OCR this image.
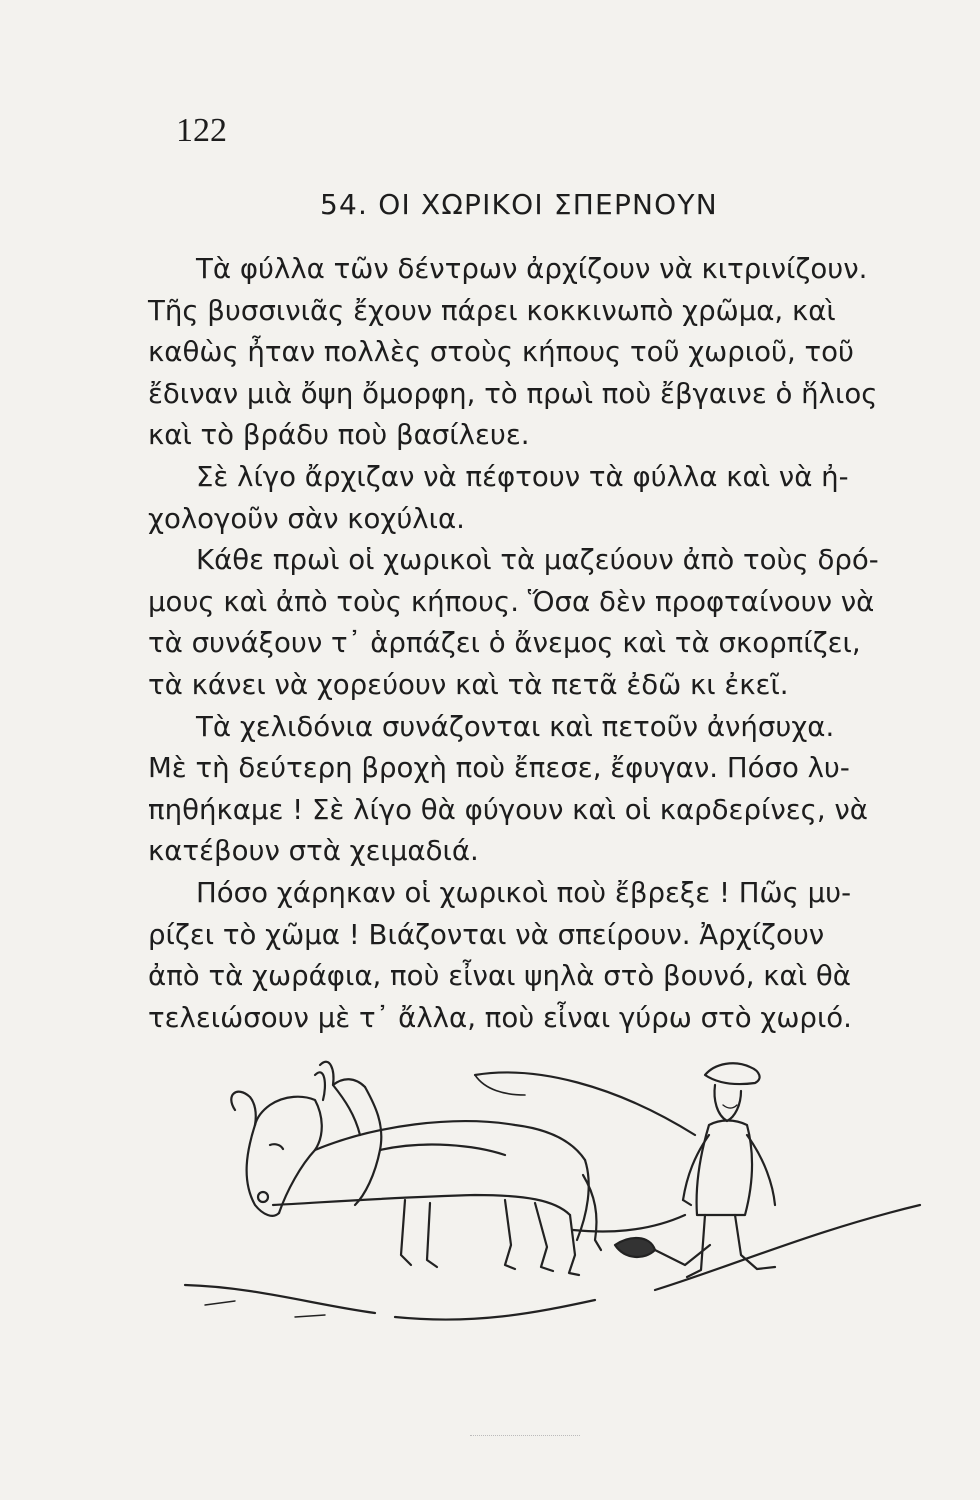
122
54. ΟΙ ΧΩΡΙΚΟΙ ΣΠΕΡΝΟΥΝ
Τὰ φύλλα τῶν δέντρων ἀρχίζουν νὰ κιτρινίζουν.
Τῆς βυσσινιᾶς ἔχουν πάρει κοκκινωπὸ χρῶμα, καὶ
καθὼς ἦταν πολλὲς στοὺς κήπους τοῦ χωριοῦ, τοῦ
ἔδιναν μιὰ ὄψη ὄμορφη, τὸ πρωὶ ποὺ ἔβγαινε ὁ ἥλιος
καὶ τὸ βράδυ ποὺ βασίλευε.
Σὲ λίγο ἄρχιζαν νὰ πέφτουν τὰ φύλλα καὶ νὰ ἠ-
χολογοῦν σὰν κοχύλια.
Κάθε πρωὶ οἱ χωρικοὶ τὰ μαζεύουν ἀπὸ τοὺς δρό-
μους καὶ ἀπὸ τοὺς κήπους. Ὅσα δὲν προφταίνουν νὰ
τὰ συνάξουν τ᾿ ἁρπάζει ὁ ἄνεμος καὶ τὰ σκορπίζει,
τὰ κάνει νὰ χορεύουν καὶ τὰ πετᾶ ἐδῶ κι ἐκεῖ.
Τὰ χελιδόνια συνάζονται καὶ πετοῦν ἀνήσυχα.
Μὲ τὴ δεύτερη βροχὴ ποὺ ἔπεσε, ἔφυγαν. Πόσο λυ-
πηθήκαμε ! Σὲ λίγο θὰ φύγουν καὶ οἱ καρδερίνες, νὰ
κατέβουν στὰ χειμαδιά.
Πόσο χάρηκαν οἱ χωρικοὶ ποὺ ἔβρεξε ! Πῶς μυ-
ρίζει τὸ χῶμα ! Βιάζονται νὰ σπείρουν. Ἀρχίζουν
ἀπὸ τὰ χωράφια, ποὺ εἶναι ψηλὰ στὸ βουνό, καὶ θὰ
τελειώσουν μὲ τ᾿ ἄλλα, ποὺ εἶναι γύρω στὸ χωριό.
